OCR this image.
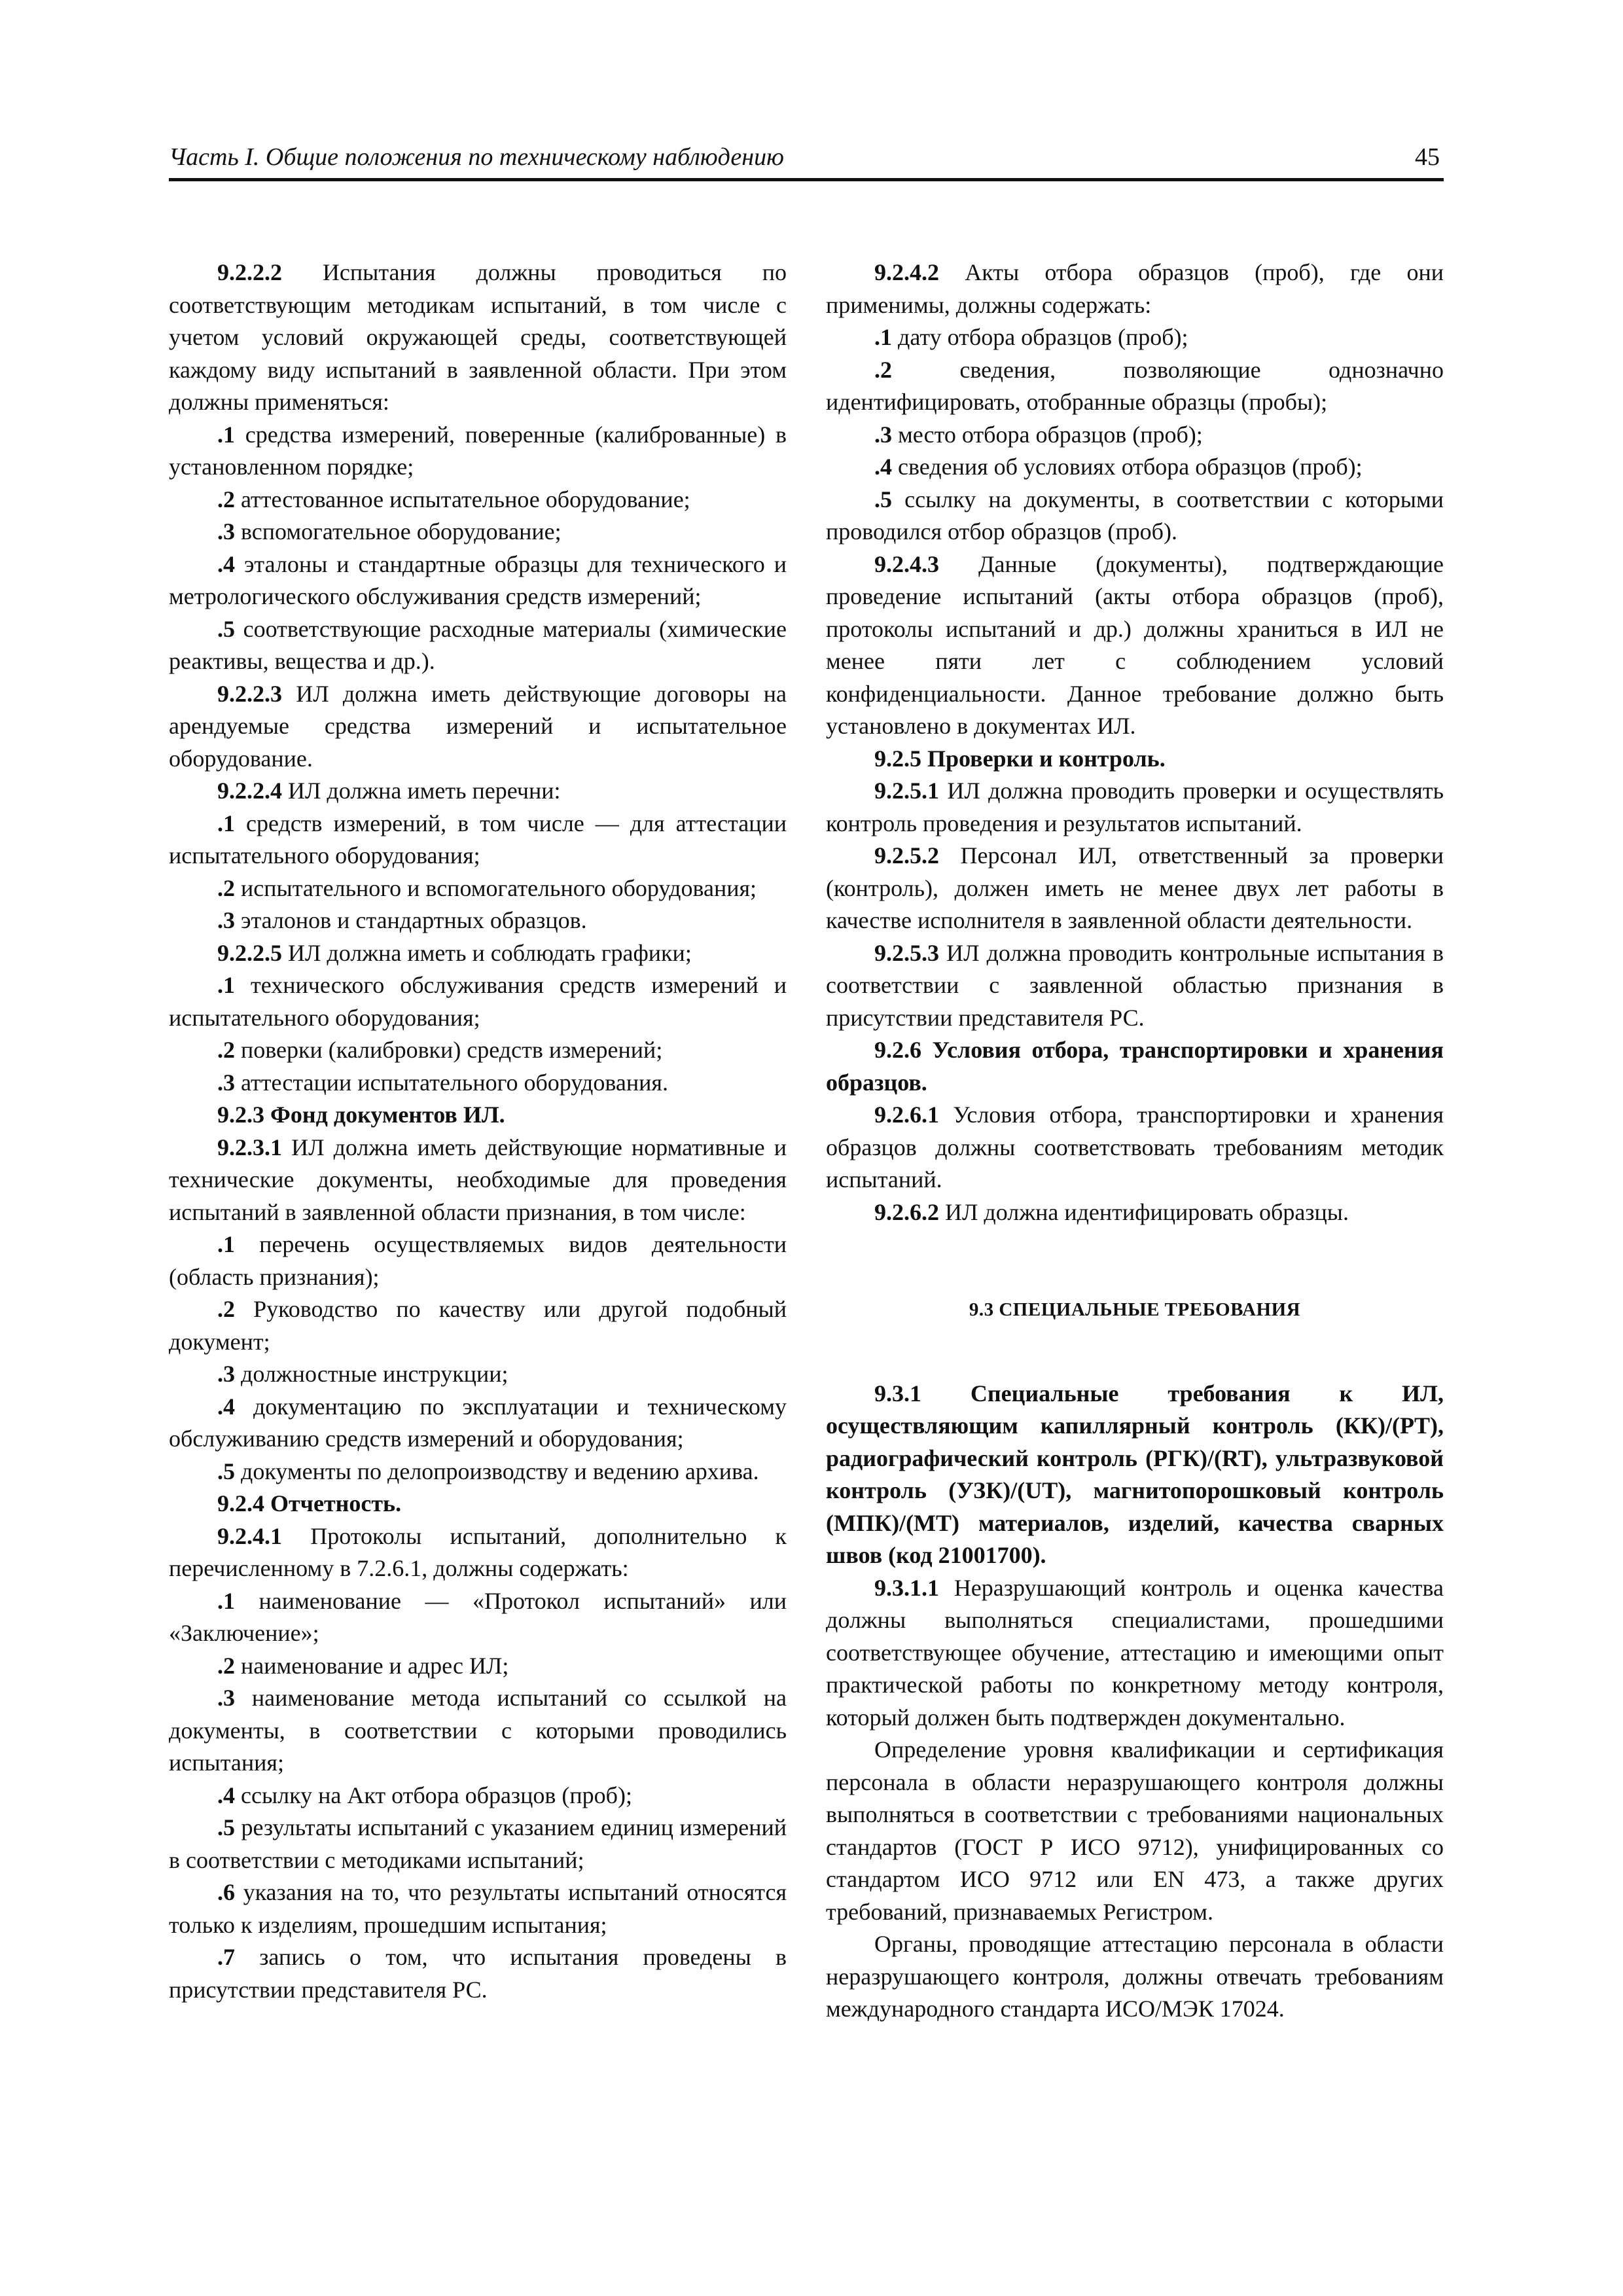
Часть I. Общие положения по техническому наблюдению	45

9.2.2.2 Испытания должны проводиться по соответствующим методикам испытаний, в том числе с учетом условий окружающей среды, соответствующей каждому виду испытаний в заявленной области. При этом должны применяться:

.1 средства измерений, поверенные (калиброванные) в установленном порядке;

.2 аттестованное испытательное оборудование;

.3 вспомогательное оборудование;

.4 эталоны и стандартные образцы для технического и метрологического обслуживания средств измерений;

.5 соответствующие расходные материалы (химические реактивы, вещества и др.).

9.2.2.3 ИЛ должна иметь действующие договоры на арендуемые средства измерений и испытательное оборудование.

9.2.2.4 ИЛ должна иметь перечни:

.1 средств измерений, в том числе — для аттестации испытательного оборудования;

.2 испытательного и вспомогательного оборудования;

.3 эталонов и стандартных образцов.

9.2.2.5 ИЛ должна иметь и соблюдать графики;

.1 технического обслуживания средств измерений и испытательного оборудования;

.2 поверки (калибровки) средств измерений;

.3 аттестации испытательного оборудования.

9.2.3 Фонд документов ИЛ.

9.2.3.1 ИЛ должна иметь действующие нормативные и технические документы, необходимые для проведения испытаний в заявленной области признания, в том числе:

.1 перечень осуществляемых видов деятельности (область признания);

.2 Руководство по качеству или другой подобный документ;

.3 должностные инструкции;

.4 документацию по эксплуатации и техническому обслуживанию средств измерений и оборудования;

.5 документы по делопроизводству и ведению архива.

9.2.4 Отчетность.

9.2.4.1 Протоколы испытаний, дополнительно к перечисленному в 7.2.6.1, должны содержать:

.1 наименование — «Протокол испытаний» или «Заключение»;

.2 наименование и адрес ИЛ;

.3 наименование метода испытаний со ссылкой на документы, в соответствии с которыми проводились испытания;

.4 ссылку на Акт отбора образцов (проб);

.5 результаты испытаний с указанием единиц измерений в соответствии с методиками испытаний;

.6 указания на то, что результаты испытаний относятся только к изделиям, прошедшим испытания;

.7 запись о том, что испытания проведены в присутствии представителя РС.

9.2.4.2 Акты отбора образцов (проб), где они применимы, должны содержать:

.1 дату отбора образцов (проб);

.2 сведения, позволяющие однозначно идентифицировать, отобранные образцы (пробы);

.3 место отбора образцов (проб);

.4 сведения об условиях отбора образцов (проб);

.5 ссылку на документы, в соответствии с которыми проводился отбор образцов (проб).

9.2.4.3 Данные (документы), подтверждающие проведение испытаний (акты отбора образцов (проб), протоколы испытаний и др.) должны храниться в ИЛ не менее пяти лет с соблюдением условий конфиденциальности. Данное требование должно быть установлено в документах ИЛ.

9.2.5 Проверки и контроль.

9.2.5.1 ИЛ должна проводить проверки и осуществлять контроль проведения и результатов испытаний.

9.2.5.2 Персонал ИЛ, ответственный за проверки (контроль), должен иметь не менее двух лет работы в качестве исполнителя в заявленной области деятельности.

9.2.5.3 ИЛ должна проводить контрольные испытания в соответствии с заявленной областью признания в присутствии представителя РС.

9.2.6 Условия отбора, транспортировки и хранения образцов.

9.2.6.1 Условия отбора, транспортировки и хранения образцов должны соответствовать требованиям методик испытаний.

9.2.6.2 ИЛ должна идентифицировать образцы.

9.3 СПЕЦИАЛЬНЫЕ ТРЕБОВАНИЯ

9.3.1 Специальные требования к ИЛ, осуществляющим капиллярный контроль (КК)/(PT), радиографический контроль (РГК)/(RT), ультразвуковой контроль (УЗК)/(UT), магнитопорошковый контроль (МПК)/(МТ) материалов, изделий, качества сварных швов (код 21001700).

9.3.1.1 Неразрушающий контроль и оценка качества должны выполняться специалистами, прошедшими соответствующее обучение, аттестацию и имеющими опыт практической работы по конкретному методу контроля, который должен быть подтвержден документально.

Определение уровня квалификации и сертификация персонала в области неразрушающего контроля должны выполняться в соответствии с требованиями национальных стандартов (ГОСТ Р ИСО 9712), унифицированных со стандартом ИСО 9712 или EN 473, а также других требований, признаваемых Регистром.

Органы, проводящие аттестацию персонала в области неразрушающего контроля, должны отвечать требованиям международного стандарта ИСО/МЭК 17024.
